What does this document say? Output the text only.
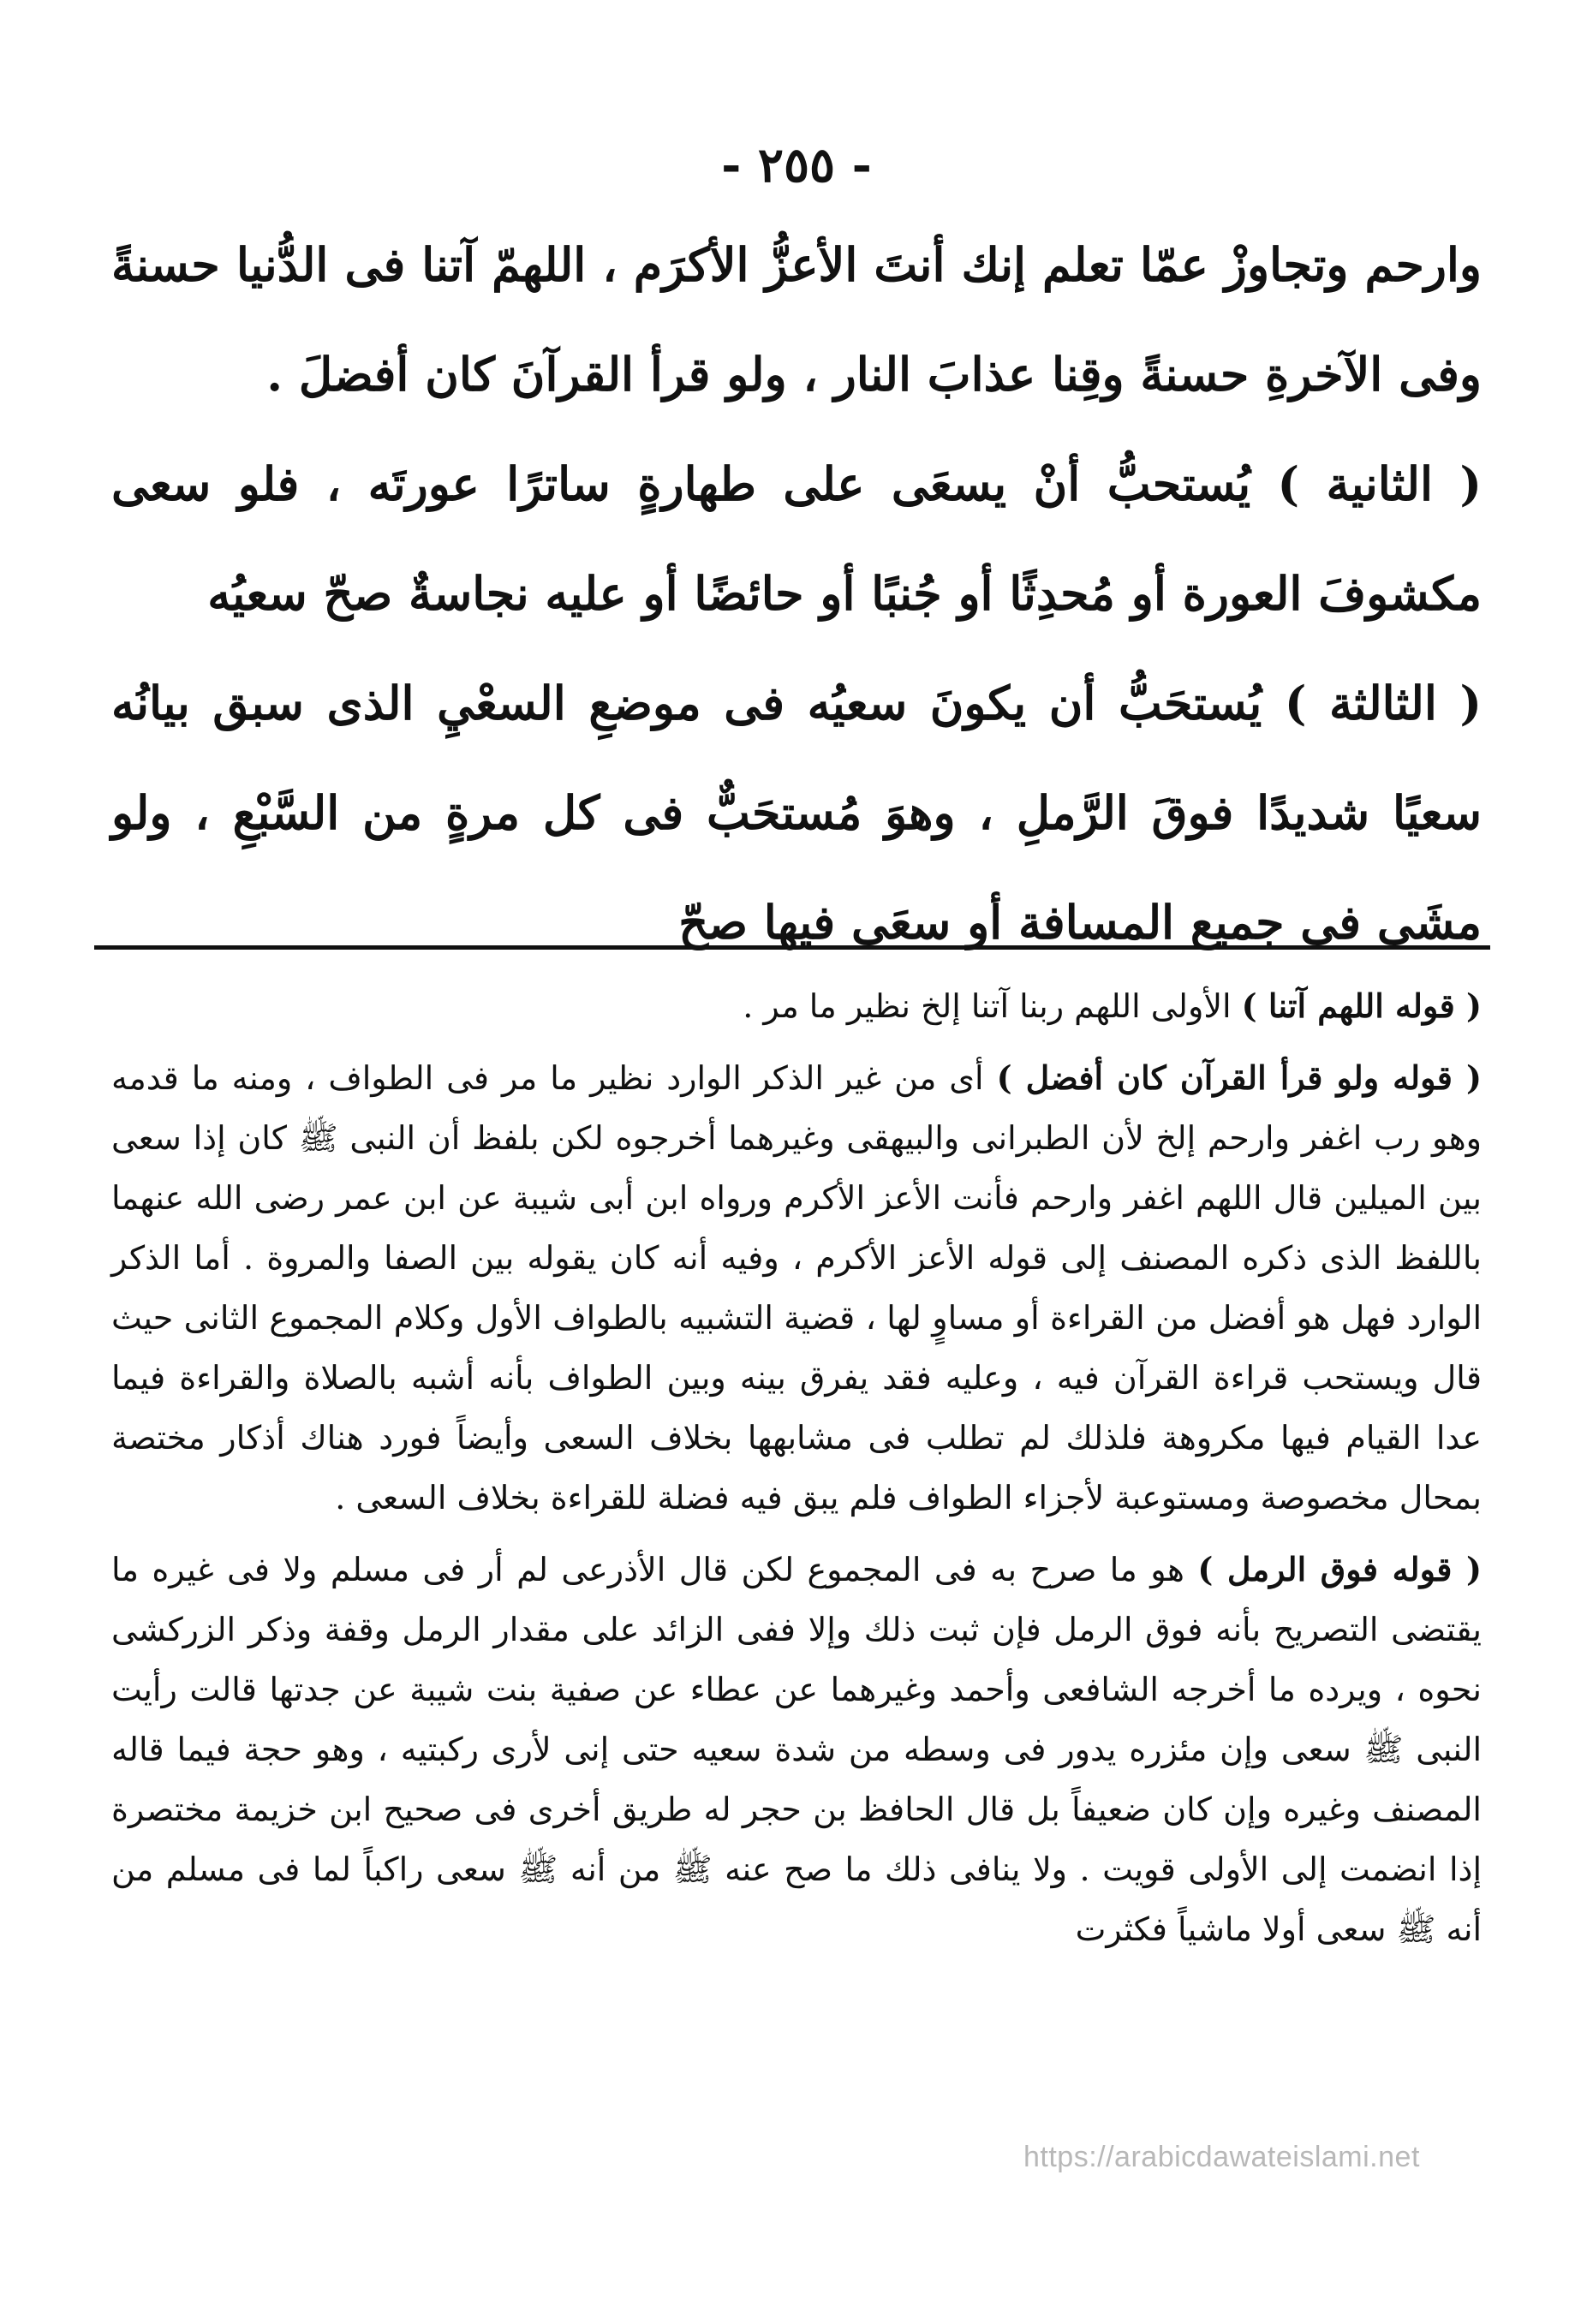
- ٢٥٥ -

وارحم وتجاوزْ عمّا تعلم إنك أنتَ الأعزُّ الأكرَم ، اللهمّ آتنا فى الدُّنيا حسنةً وفى الآخرةِ حسنةً وقِنا عذابَ النار ، ولو قرأ القرآنَ كان أفضلَ .

( الثانية ) يُستحبُّ أنْ يسعَى على طهارةٍ ساترًا عورتَه ، فلو سعى مكشوفَ العورة أو مُحدِثًا أو جُنبًا أو حائضًا أو عليه نجاسةٌ صحّ سعيُه

( الثالثة ) يُستحَبُّ أن يكونَ سعيُه فى موضعِ السعْيِ الذى سبق بيانُه سعيًا شديدًا فوقَ الرَّملِ ، وهوَ مُستحَبٌّ فى كل مرةٍ من السَّبْعِ ، ولو مشَى فى جميع المسافة أو سعَى فيها صحّ

( قوله اللهم آتنا ) الأولى اللهم ربنا آتنا إلخ نظير ما مر .

( قوله ولو قرأ القرآن كان أفضل ) أى من غير الذكر الوارد نظير ما مر فى الطواف ، ومنه ما قدمه وهو رب اغفر وارحم إلخ لأن الطبرانى والبيهقى وغيرهما أخرجوه لكن بلفظ أن النبى ﷺ كان إذا سعى بين الميلين قال اللهم اغفر وارحم فأنت الأعز الأكرم ورواه ابن أبى شيبة عن ابن عمر رضى الله عنهما باللفظ الذى ذكره المصنف إلى قوله الأعز الأكرم ، وفيه أنه كان يقوله بين الصفا والمروة . أما الذكر الوارد فهل هو أفضل من القراءة أو مساوٍ لها ، قضية التشبيه بالطواف الأول وكلام المجموع الثانى حيث قال ويستحب قراءة القرآن فيه ، وعليه فقد يفرق بينه وبين الطواف بأنه أشبه بالصلاة والقراءة فيما عدا القيام فيها مكروهة فلذلك لم تطلب فى مشابهها بخلاف السعى وأيضاً فورد هناك أذكار مختصة بمحال مخصوصة ومستوعبة لأجزاء الطواف فلم يبق فيه فضلة للقراءة بخلاف السعى .

( قوله فوق الرمل ) هو ما صرح به فى المجموع لكن قال الأذرعى لم أر فى مسلم ولا فى غيره ما يقتضى التصريح بأنه فوق الرمل فإن ثبت ذلك وإلا ففى الزائد على مقدار الرمل وقفة وذكر الزركشى نحوه ، ويرده ما أخرجه الشافعى وأحمد وغيرهما عن عطاء عن صفية بنت شيبة عن جدتها قالت رأيت النبى ﷺ سعى وإن مئزره يدور فى وسطه من شدة سعيه حتى إنى لأرى ركبتيه ، وهو حجة فيما قاله المصنف وغيره وإن كان ضعيفاً بل قال الحافظ بن حجر له طريق أخرى فى صحيح ابن خزيمة مختصرة إذا انضمت إلى الأولى قويت . ولا ينافى ذلك ما صح عنه ﷺ من أنه ﷺ سعى راكباً لما فى مسلم من أنه ﷺ سعى أولا ماشياً فكثرت

https://arabicdawateislami.net
